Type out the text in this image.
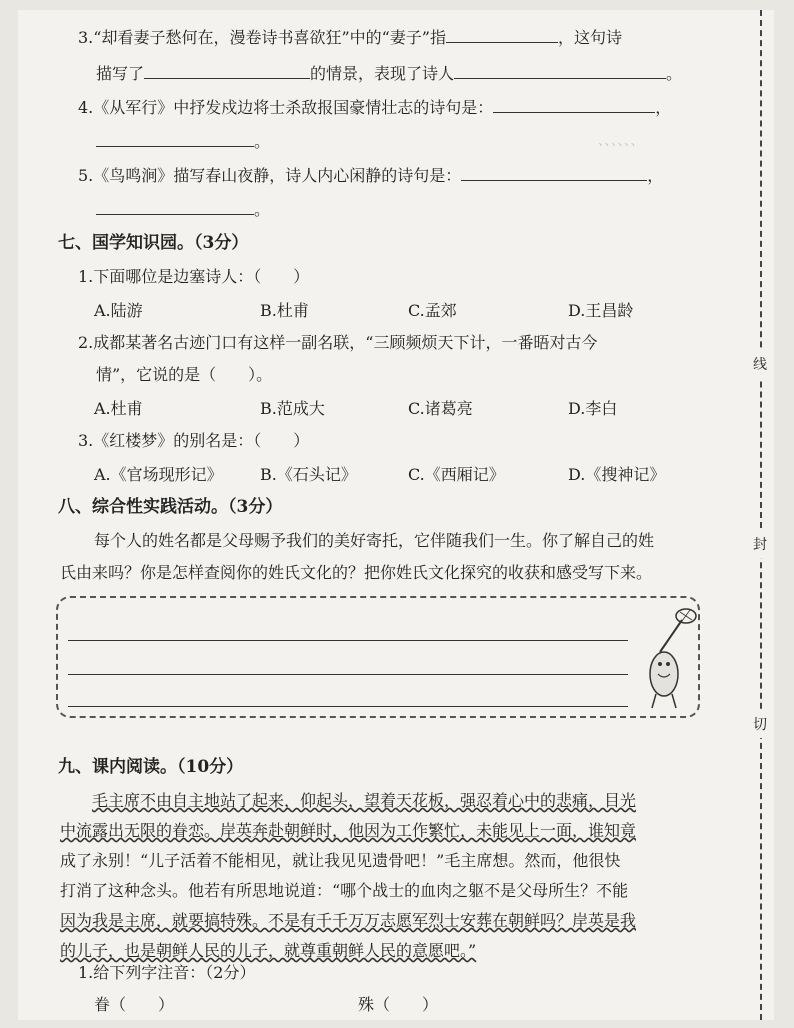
、、、、、、
3.“却看妻子愁何在，漫卷诗书喜欲狂”中的“妻子”指	，这句诗
描写了	的情景，表现了诗人	。
4.《从军行》中抒发戍边将士杀敌报国豪情壮志的诗句是：	，
。
5.《鸟鸣涧》描写春山夜静，诗人内心闲静的诗句是：	，
。
七、国学知识园。（3分）
1.下面哪位是边塞诗人：（　　）
A.陆游	B.杜甫	C.孟郊	D.王昌龄
2.成都某著名古迹门口有这样一副名联，“三顾频烦天下计，一番晤对古今
情”，它说的是（　　）。
A.杜甫	B.范成大	C.诸葛亮	D.李白
3.《红楼梦》的别名是：（　　）
A.《官场现形记》 B.《石头记》	C.《西厢记》	D.《搜神记》
八、综合性实践活动。（3分）
每个人的姓名都是父母赐予我们的美好寄托，它伴随我们一生。你了解自己的姓
氏由来吗？你是怎样查阅你的姓氏文化的？把你姓氏文化探究的收获和感受写下来。
九、课内阅读。（10分）
毛主席不由自主地站了起来，仰起头，望着天花板，强忍着心中的悲痛，目光
中流露出无限的眷恋。岸英奔赴朝鲜时，他因为工作繁忙，未能见上一面，谁知竟
成了永别！“儿子活着不能相见，就让我见见遗骨吧！”毛主席想。然而，他很快
打消了这种念头。他若有所思地说道：“哪个战士的血肉之躯不是父母所生？不能
因为我是主席，就要搞特殊。不是有千千万万志愿军烈士安葬在朝鲜吗？岸英是我
的儿子，也是朝鲜人民的儿子，就尊重朝鲜人民的意愿吧。”
1.给下列字注音：（2分）
眷（　　）	殊（　　）
线
封
切
